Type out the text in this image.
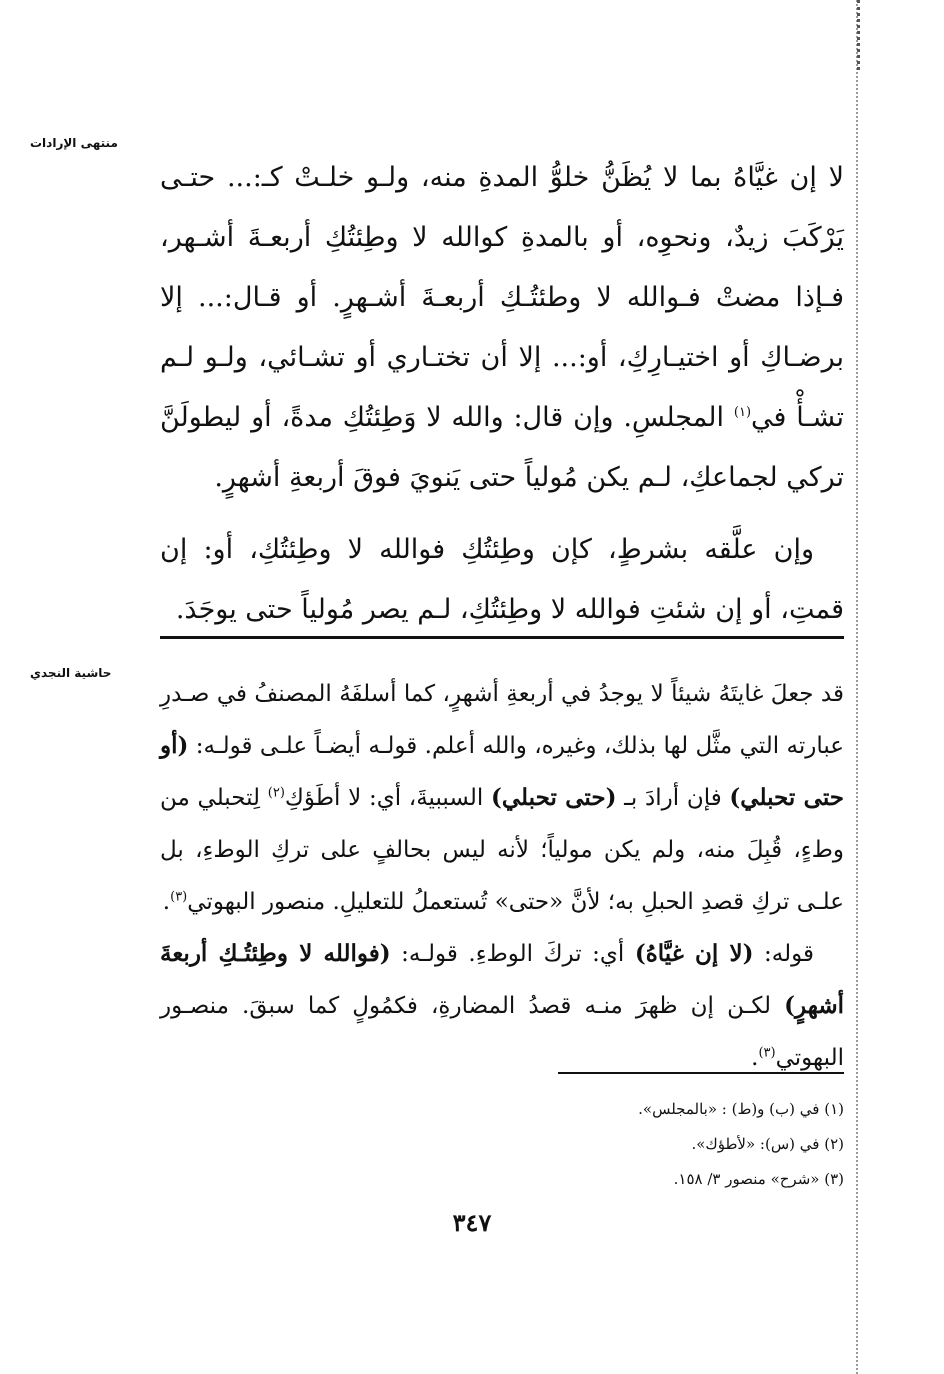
منتهى الإرادات
حاشية النجدي

لا إن غيَّاهُ بما لا يُظَنُّ خلوُّ المدةِ منه، ولـو خلـتْ كـ:... حتـى يَرْكَبَ زيدٌ، ونحوِه، أو بالمدةِ كوالله لا وطِئتُكِ أربعـةَ أشـهر، فـإذا مضتْ فـوالله لا وطئتُـكِ أربعـةَ أشـهرٍ. أو قـال:... إلا برضـاكِ أو اختيـارِكِ، أو:... إلا أن تختـاري أو تشـائي، ولـو لـم تشـأْ في$^{(١)}$ المجلسِ. وإن قال: والله لا وَطِئتُكِ مدةً، أو ليطولَنَّ تركي لجماعكِ، لـم يكن مُولياً حتى يَنويَ فوقَ أربعةِ أشهرٍ.

وإن علَّقه بشرطٍ، كإن وطِئتُكِ فوالله لا وطِئتُكِ، أو: إن قمتِ، أو إن شئتِ فوالله لا وطِئتُكِ، لـم يصر مُولياً حتى يوجَدَ.

قد جعلَ غايتَهُ شيئاً لا يوجدُ في أربعةِ أشهرٍ، كما أسلفَهُ المصنفُ في صـدرِ عبارته التي مثَّل لها بذلك، وغيره، والله أعلم. قولـه أيضـاً علـى قولـه: (أو حتى تحبلي) فإن أرادَ بـ (حتى تحبلي) السببيةَ، أي: لا أطَؤكِ$^{(٢)}$ لِتحبلي من وطءٍ، قُبِلَ منه، ولم يكن مولياً؛ لأنه ليس بحالفٍ على تركِ الوطءِ، بل علـى تركِ قصدِ الحبلِ به؛ لأنَّ «حتى» تُستعملُ للتعليلِ. منصور البهوتي$^{(٣)}$.

قوله: (لا إن غيَّاهُ) أي: تركَ الوطءِ. قولـه: (فوالله لا وطِئتُـكِ أربعةَ أشهرٍ) لكـن إن ظهرَ منـه قصدُ المضارةِ، فكمُولٍ كما سبقَ. منصـور البهوتي$^{(٣)}$.

(١) في (ب) و(ط) : «بالمجلس».
(٢) في (س): «لأطؤك».
(٣) «شرح» منصور ٣/ ١٥٨.
٣٤٧
